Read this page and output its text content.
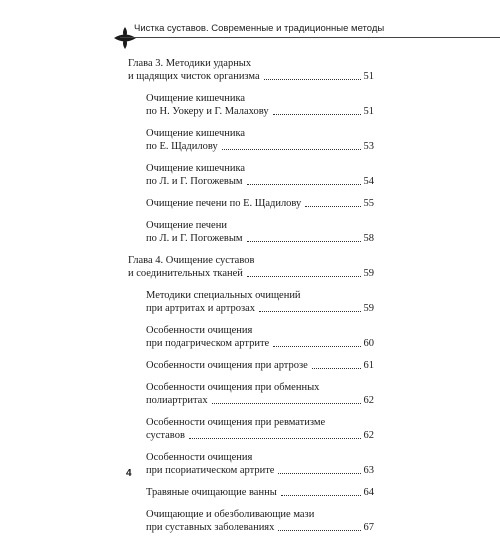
Чистка суставов. Современные и традиционные методы
Глава 3. Методики ударных
и щадящих чисток организма	51
Очищение кишечника
по Н. Уокеру и Г. Малахову	51
Очищение кишечника
по Е. Щадилову	53
Очищение кишечника
по Л. и Г. Погожевым	54
Очищение печени по Е. Щадилову	55
Очищение печени
по Л. и Г. Погожевым	58
Глава 4. Очищение суставов
и соединительных тканей	59
Методики специальных очищений
при артритах и артрозах	59
Особенности очищения
при подагрическом артрите	60
Особенности очищения при артрозе	61
Особенности очищения при обменных
полиартритах	62
Особенности очищения при ревматизме
суставов	62
Особенности очищения
при псориатическом артрите	63
Травяные очищающие ванны	64
Очищающие и обезболивающие мази
при суставных заболеваниях	67
4
